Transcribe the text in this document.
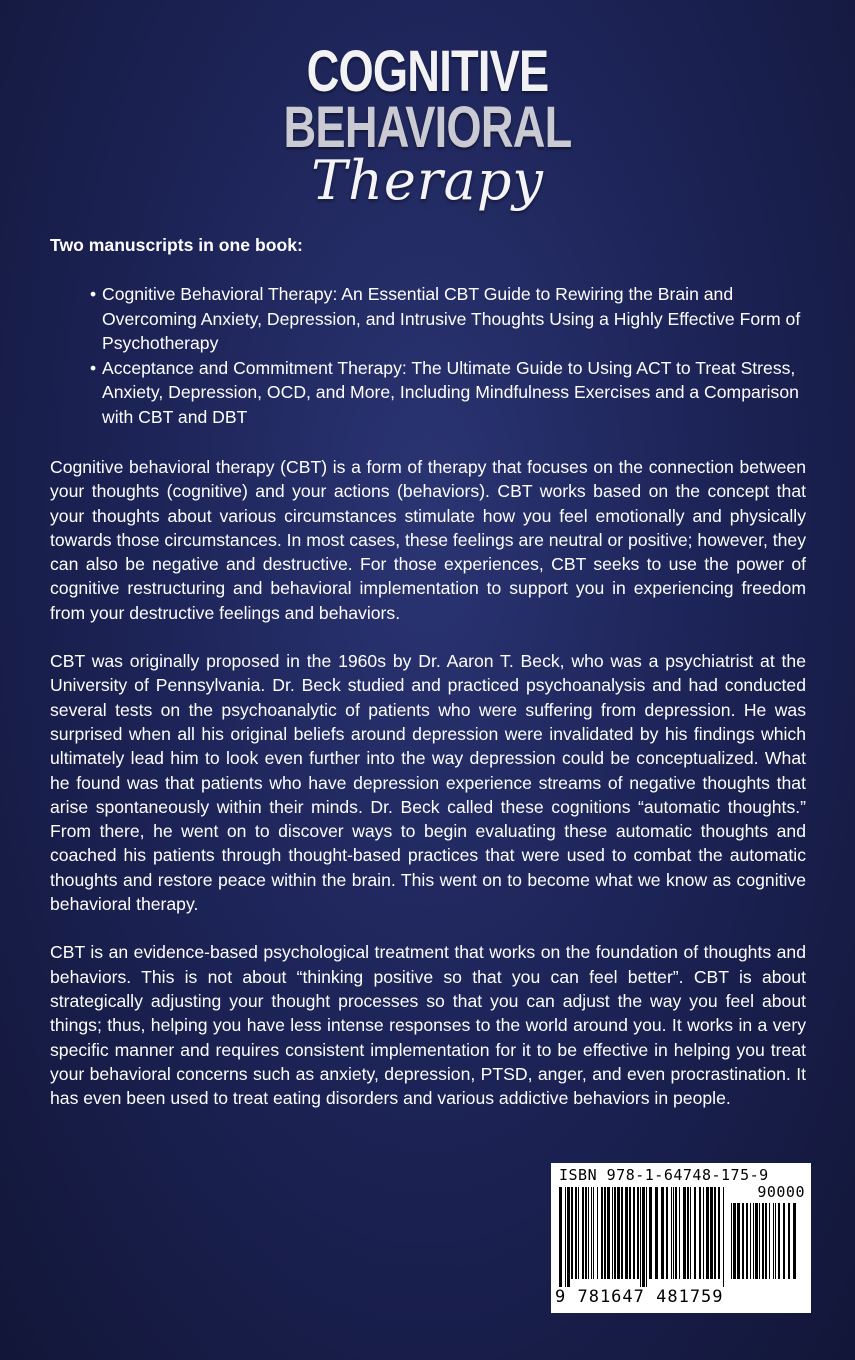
COGNITIVE
BEHAVIORAL
Therapy
Two manuscripts in one book:
• Cognitive Behavioral Therapy: An Essential CBT Guide to Rewiring the Brain and Overcoming Anxiety, Depression, and Intrusive Thoughts Using a Highly Effective Form of Psychotherapy
• Acceptance and Commitment Therapy: The Ultimate Guide to Using ACT to Treat Stress, Anxiety, Depression, OCD, and More, Including Mindfulness Exercises and a Comparison with CBT and DBT

Cognitive behavioral therapy (CBT) is a form of therapy that focuses on the connection between your thoughts (cognitive) and your actions (behaviors). CBT works based on the concept that your thoughts about various circumstances stimulate how you feel emotionally and physically towards those circumstances. In most cases, these feelings are neutral or positive; however, they can also be negative and destructive. For those experiences, CBT seeks to use the power of cognitive restructuring and behavioral implementation to support you in experiencing freedom from your destructive feelings and behaviors.

CBT was originally proposed in the 1960s by Dr. Aaron T. Beck, who was a psychiatrist at the University of Pennsylvania. Dr. Beck studied and practiced psychoanalysis and had conducted several tests on the psychoanalytic of patients who were suffering from depression. He was surprised when all his original beliefs around depression were invalidated by his findings which ultimately lead him to look even further into the way depression could be conceptualized. What he found was that patients who have depression experience streams of negative thoughts that arise spontaneously within their minds. Dr. Beck called these cognitions “automatic thoughts.” From there, he went on to discover ways to begin evaluating these automatic thoughts and coached his patients through thought-based practices that were used to combat the automatic thoughts and restore peace within the brain. This went on to become what we know as cognitive behavioral therapy.

CBT is an evidence-based psychological treatment that works on the foundation of thoughts and behaviors. This is not about “thinking positive so that you can feel better”. CBT is about strategically adjusting your thought processes so that you can adjust the way you feel about things; thus, helping you have less intense responses to the world around you. It works in a very specific manner and requires consistent implementation for it to be effective in helping you treat your behavioral concerns such as anxiety, depression, PTSD, anger, and even procrastination. It has even been used to treat eating disorders and various addictive behaviors in people.

ISBN 978-1-64748-175-9
90000
9 781647 481759
